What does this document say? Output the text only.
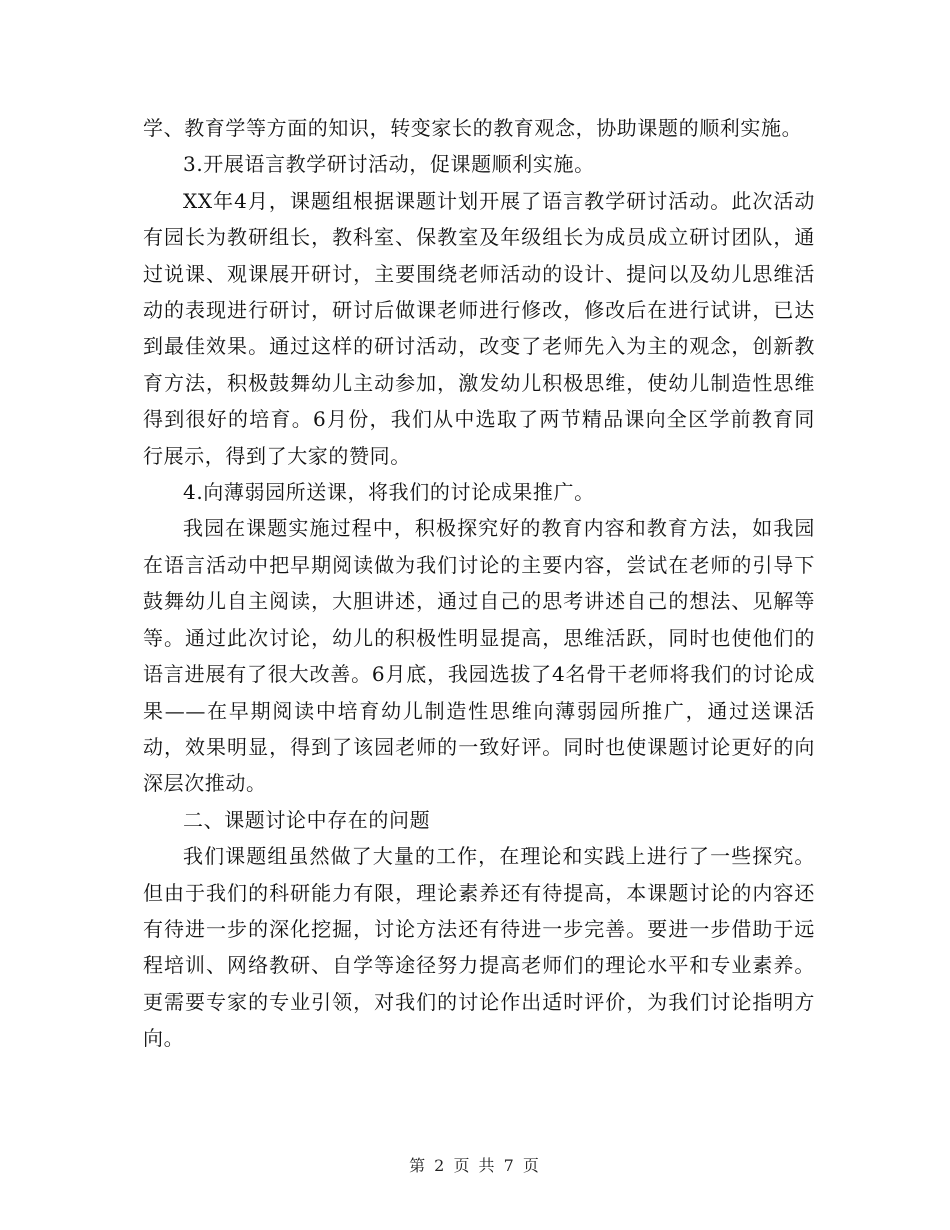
学、教育学等方面的知识，转变家长的教育观念，协助课题的顺利实施。

3.开展语言教学研讨活动，促课题顺利实施。

XX年4月，课题组根据课题计划开展了语言教学研讨活动。此次活动有园长为教研组长，教科室、保教室及年级组长为成员成立研讨团队，通过说课、观课展开研讨，主要围绕老师活动的设计、提问以及幼儿思维活动的表现进行研讨，研讨后做课老师进行修改，修改后在进行试讲，已达到最佳效果。通过这样的研讨活动，改变了老师先入为主的观念，创新教育方法，积极鼓舞幼儿主动参加，激发幼儿积极思维，使幼儿制造性思维得到很好的培育。6月份，我们从中选取了两节精品课向全区学前教育同行展示，得到了大家的赞同。

4.向薄弱园所送课，将我们的讨论成果推广。

我园在课题实施过程中，积极探究好的教育内容和教育方法，如我园在语言活动中把早期阅读做为我们讨论的主要内容，尝试在老师的引导下鼓舞幼儿自主阅读，大胆讲述，通过自己的思考讲述自己的想法、见解等等。通过此次讨论，幼儿的积极性明显提高，思维活跃，同时也使他们的语言进展有了很大改善。6月底，我园选拔了4名骨干老师将我们的讨论成果——在早期阅读中培育幼儿制造性思维向薄弱园所推广，通过送课活动，效果明显，得到了该园老师的一致好评。同时也使课题讨论更好的向深层次推动。

二、课题讨论中存在的问题

我们课题组虽然做了大量的工作，在理论和实践上进行了一些探究。但由于我们的科研能力有限，理论素养还有待提高，本课题讨论的内容还有待进一步的深化挖掘，讨论方法还有待进一步完善。要进一步借助于远程培训、网络教研、自学等途径努力提高老师们的理论水平和专业素养。更需要专家的专业引领，对我们的讨论作出适时评价，为我们讨论指明方向。

第 2 页 共 7 页
